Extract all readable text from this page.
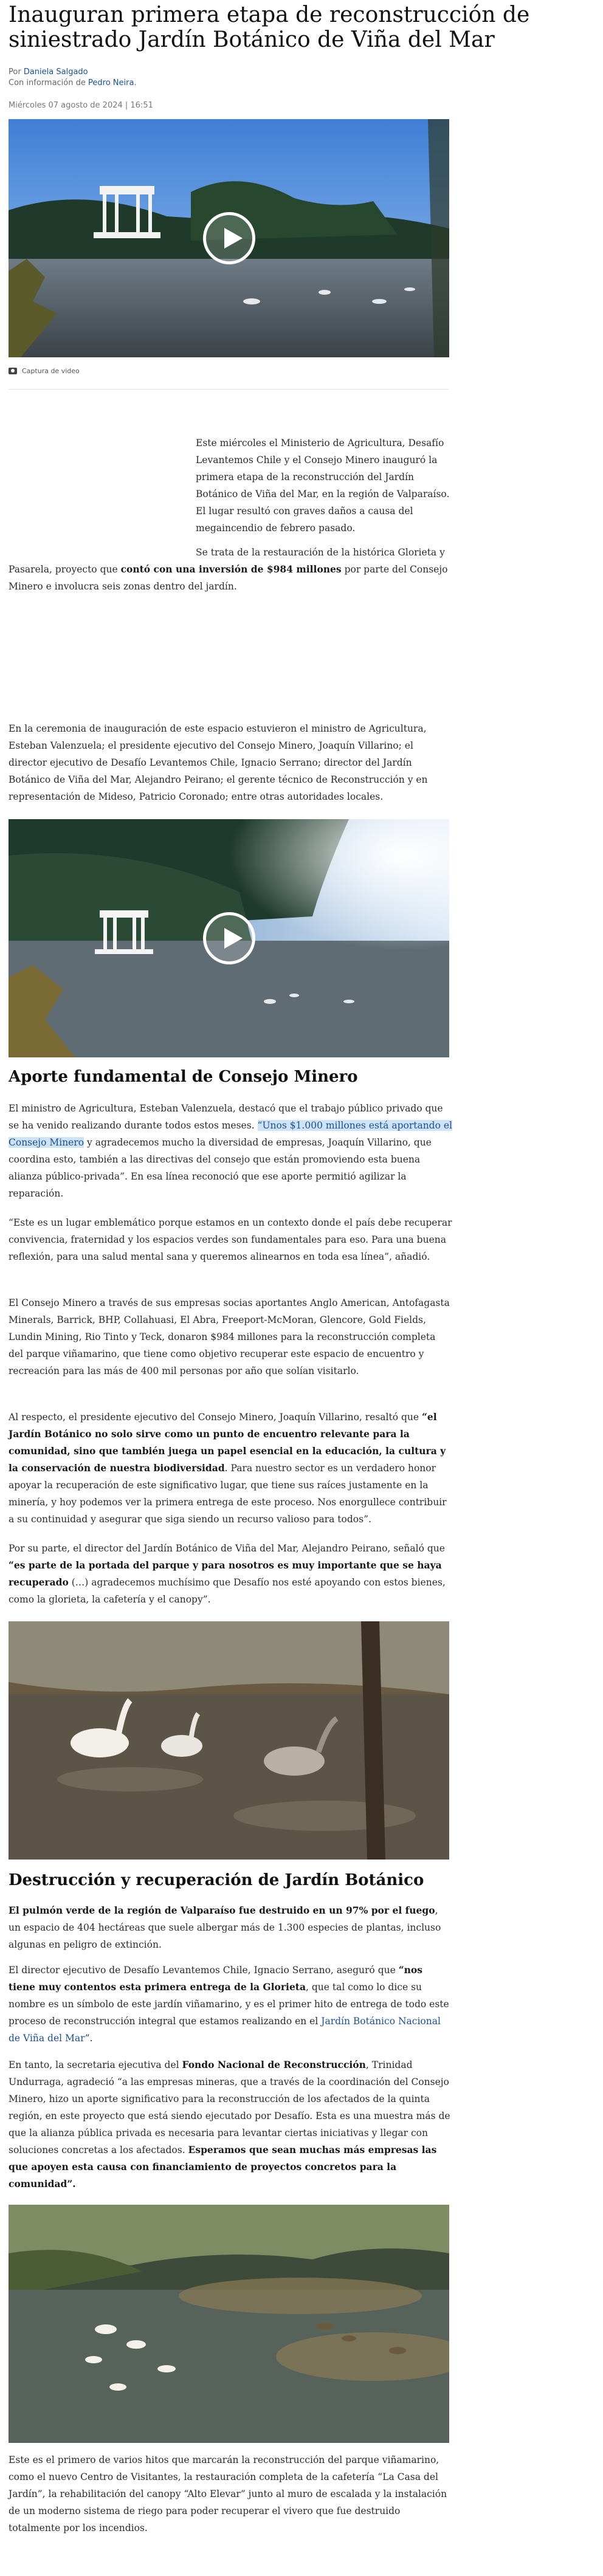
Inauguran primera etapa de reconstrucción de siniestrado Jardín Botánico de Viña del Mar
Por Daniela Salgado
Con información de Pedro Neira.
Miércoles 07 agosto de 2024 | 16:51
Captura de video

Este miércoles el Ministerio de Agricultura, Desafío Levantemos Chile y el Consejo Minero inauguró la primera etapa de la reconstrucción del Jardín Botánico de Viña del Mar, en la región de Valparaíso. El lugar resultó con graves daños a causa del megaincendio de febrero pasado.

Se trata de la restauración de la histórica Glorieta y Pasarela, proyecto que contó con una inversión de $984 millones por parte del Consejo Minero e involucra seis zonas dentro del jardín.

En la ceremonia de inauguración de este espacio estuvieron el ministro de Agricultura, Esteban Valenzuela; el presidente ejecutivo del Consejo Minero, Joaquín Villarino; el director ejecutivo de Desafío Levantemos Chile, Ignacio Serrano; director del Jardín Botánico de Viña del Mar, Alejandro Peirano; el gerente técnico de Reconstrucción y en representación de Mideso, Patricio Coronado; entre otras autoridades locales.

Aporte fundamental de Consejo Minero

El ministro de Agricultura, Esteban Valenzuela, destacó que el trabajo público privado que se ha venido realizando durante todos estos meses. “Unos $1.000 millones está aportando el Consejo Minero y agradecemos mucho la diversidad de empresas, Joaquín Villarino, que coordina esto, también a las directivas del consejo que están promoviendo esta buena alianza público-privada”. En esa línea reconoció que ese aporte permitió agilizar la reparación.

“Este es un lugar emblemático porque estamos en un contexto donde el país debe recuperar convivencia, fraternidad y los espacios verdes son fundamentales para eso. Para una buena reflexión, para una salud mental sana y queremos alinearnos en toda esa línea”, añadió.

El Consejo Minero a través de sus empresas socias aportantes Anglo American, Antofagasta Minerals, Barrick, BHP, Collahuasi, El Abra, Freeport-McMoran, Glencore, Gold Fields, Lundin Mining, Rio Tinto y Teck, donaron $984 millones para la reconstrucción completa del parque viñamarino, que tiene como objetivo recuperar este espacio de encuentro y recreación para las más de 400 mil personas por año que solían visitarlo.

Al respecto, el presidente ejecutivo del Consejo Minero, Joaquín Villarino, resaltó que “el Jardín Botánico no solo sirve como un punto de encuentro relevante para la comunidad, sino que también juega un papel esencial en la educación, la cultura y la conservación de nuestra biodiversidad. Para nuestro sector es un verdadero honor apoyar la recuperación de este significativo lugar, que tiene sus raíces justamente en la minería, y hoy podemos ver la primera entrega de este proceso. Nos enorgullece contribuir a su continuidad y asegurar que siga siendo un recurso valioso para todos”.

Por su parte, el director del Jardín Botánico de Viña del Mar, Alejandro Peirano, señaló que “es parte de la portada del parque y para nosotros es muy importante que se haya recuperado (…) agradecemos muchísimo que Desafío nos esté apoyando con estos bienes, como la glorieta, la cafetería y el canopy”.

Destrucción y recuperación de Jardín Botánico

El pulmón verde de la región de Valparaíso fue destruido en un 97% por el fuego, un espacio de 404 hectáreas que suele albergar más de 1.300 especies de plantas, incluso algunas en peligro de extinción.

El director ejecutivo de Desafío Levantemos Chile, Ignacio Serrano, aseguró que “nos tiene muy contentos esta primera entrega de la Glorieta, que tal como lo dice su nombre es un símbolo de este jardín viñamarino, y es el primer hito de entrega de todo este proceso de reconstrucción integral que estamos realizando en el Jardín Botánico Nacional de Viña del Mar”.

En tanto, la secretaria ejecutiva del Fondo Nacional de Reconstrucción, Trinidad Undurraga, agradeció “a las empresas mineras, que a través de la coordinación del Consejo Minero, hizo un aporte significativo para la reconstrucción de los afectados de la quinta región, en este proyecto que está siendo ejecutado por Desafío. Esta es una muestra más de que la alianza pública privada es necesaria para levantar ciertas iniciativas y llegar con soluciones concretas a los afectados. Esperamos que sean muchas más empresas las que apoyen esta causa con financiamiento de proyectos concretos para la comunidad”.

Este es el primero de varios hitos que marcarán la reconstrucción del parque viñamarino, como el nuevo Centro de Visitantes, la restauración completa de la cafetería “La Casa del Jardín”, la rehabilitación del canopy “Alto Elevar” junto al muro de escalada y la instalación de un moderno sistema de riego para poder recuperar el vivero que fue destruido totalmente por los incendios.
